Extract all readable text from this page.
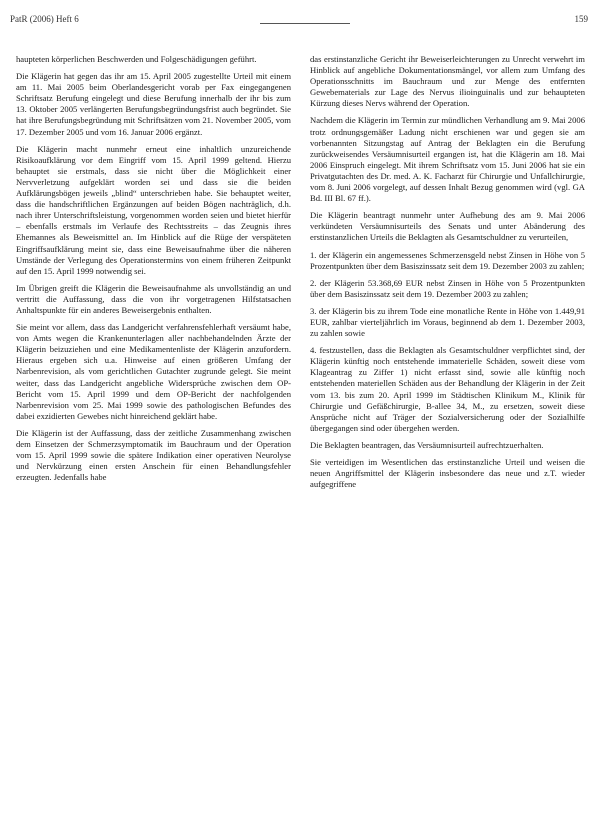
PatR (2006) Heft 6	159

haupteten körperlichen Beschwerden und Folgeschädigungen geführt.

Die Klägerin hat gegen das ihr am 15. April 2005 zugestellte Urteil mit einem am 11. Mai 2005 beim Oberlandesgericht vorab per Fax eingegangenen Schriftsatz Berufung eingelegt und diese Berufung innerhalb der ihr bis zum 13. Oktober 2005 verlängerten Berufungsbegründungsfrist auch begründet. Sie hat ihre Berufungsbegründung mit Schriftsätzen vom 21. November 2005, vom 17. Dezember 2005 und vom 16. Januar 2006 ergänzt.

Die Klägerin macht nunmehr erneut eine inhaltlich unzureichende Risikoaufklärung vor dem Eingriff vom 15. April 1999 geltend. Hierzu behauptet sie erstmals, dass sie nicht über die Möglichkeit einer Nervverletzung aufgeklärt worden sei und dass sie die beiden Aufklärungsbögen jeweils „blind“ unterschrieben habe. Sie behauptet weiter, dass die handschriftlichen Ergänzungen auf beiden Bögen nachträglich, d.h. nach ihrer Unterschriftsleistung, vorgenommen worden seien und bietet hierfür – ebenfalls erstmals im Verlaufe des Rechtsstreits – das Zeugnis ihres Ehemannes als Beweismittel an. Im Hinblick auf die Rüge der verspäteten Eingriffsaufklärung meint sie, dass eine Beweisaufnahme über die näheren Umstände der Verlegung des Operationstermins von einem früheren Zeitpunkt auf den 15. April 1999 notwendig sei.

Im Übrigen greift die Klägerin die Beweisaufnahme als unvollständig an und vertritt die Auffassung, dass die von ihr vorgetragenen Hilfstatsachen Anhaltspunkte für ein anderes Beweisergebnis enthalten.

Sie meint vor allem, dass das Landgericht verfahrensfehlerhaft versäumt habe, von Amts wegen die Krankenunterlagen aller nachbehandelnden Ärzte der Klägerin beizuziehen und eine Medikamentenliste der Klägerin anzufordern. Hieraus ergeben sich u.a. Hinweise auf einen größeren Umfang der Narbenrevision, als vom gerichtlichen Gutachter zugrunde gelegt. Sie meint weiter, dass das Landgericht angebliche Widersprüche zwischen dem OP-Bericht vom 15. April 1999 und dem OP-Bericht der nachfolgenden Narbenrevision vom 25. Mai 1999 sowie des pathologischen Befundes des dabei exzidierten Gewebes nicht hinreichend geklärt habe.

Die Klägerin ist der Auffassung, dass der zeitliche Zusammenhang zwischen dem Einsetzen der Schmerzsymptomatik im Bauchraum und der Operation vom 15. April 1999 sowie die spätere Indikation einer operativen Neurolyse und Nervkürzung einen ersten Anschein für einen Behandlungsfehler erzeugten. Jedenfalls habe

das erstinstanzliche Gericht ihr Beweiserleichterungen zu Unrecht verwehrt im Hinblick auf angebliche Dokumentationsmängel, vor allem zum Umfang des Operationsschnitts im Bauchraum und zur Menge des entfernten Gewebematerials zur Lage des Nervus ilioinguinalis und zur behaupteten Kürzung dieses Nervs während der Operation.

Nachdem die Klägerin im Termin zur mündlichen Verhandlung am 9. Mai 2006 trotz ordnungsgemäßer Ladung nicht erschienen war und gegen sie am vorbenannten Sitzungstag auf Antrag der Beklagten ein die Berufung zurückweisendes Versäumnisurteil ergangen ist, hat die Klägerin am 18. Mai 2006 Einspruch eingelegt. Mit ihrem Schriftsatz vom 15. Juni 2006 hat sie ein Privatgutachten des Dr. med. A. K. Facharzt für Chirurgie und Unfallchirurgie, vom 8. Juni 2006 vorgelegt, auf dessen Inhalt Bezug genommen wird (vgl. GA Bd. III Bl. 67 ff.).

Die Klägerin beantragt nunmehr unter Aufhebung des am 9. Mai 2006 verkündeten Versäumnisurteils des Senats und unter Abänderung des erstinstanzlichen Urteils die Beklagten als Gesamtschuldner zu verurteilen,

1. der Klägerin ein angemessenes Schmerzensgeld nebst Zinsen in Höhe von 5 Prozentpunkten über dem Basiszinssatz seit dem 19. Dezember 2003 zu zahlen;

2. der Klägerin 53.368,69 EUR nebst Zinsen in Höhe von 5 Prozentpunkten über dem Basiszinssatz seit dem 19. Dezember 2003 zu zahlen;

3. der Klägerin bis zu ihrem Tode eine monatliche Rente in Höhe von 1.449,91 EUR, zahlbar vierteljährlich im Voraus, beginnend ab dem 1. Dezember 2003, zu zahlen sowie

4. festzustellen, dass die Beklagten als Gesamtschuldner verpflichtet sind, der Klägerin künftig noch entstehende immaterielle Schäden, soweit diese vom Klageantrag zu Ziffer 1) nicht erfasst sind, sowie alle künftig noch entstehenden materiellen Schäden aus der Behandlung der Klägerin in der Zeit vom 13. bis zum 20. April 1999 im Städtischen Klinikum M., Klinik für Chirurgie und Gefäßchirurgie, B-allee 34, M., zu ersetzen, soweit diese Ansprüche nicht auf Träger der Sozialversicherung oder der Sozialhilfe übergegangen sind oder übergehen werden.

Die Beklagten beantragen, das Versäumnisurteil aufrechtzuerhalten.

Sie verteidigen im Wesentlichen das erstinstanzliche Urteil und weisen die neuen Angriffsmittel der Klägerin insbesondere das neue und z.T. wieder aufgegriffene
